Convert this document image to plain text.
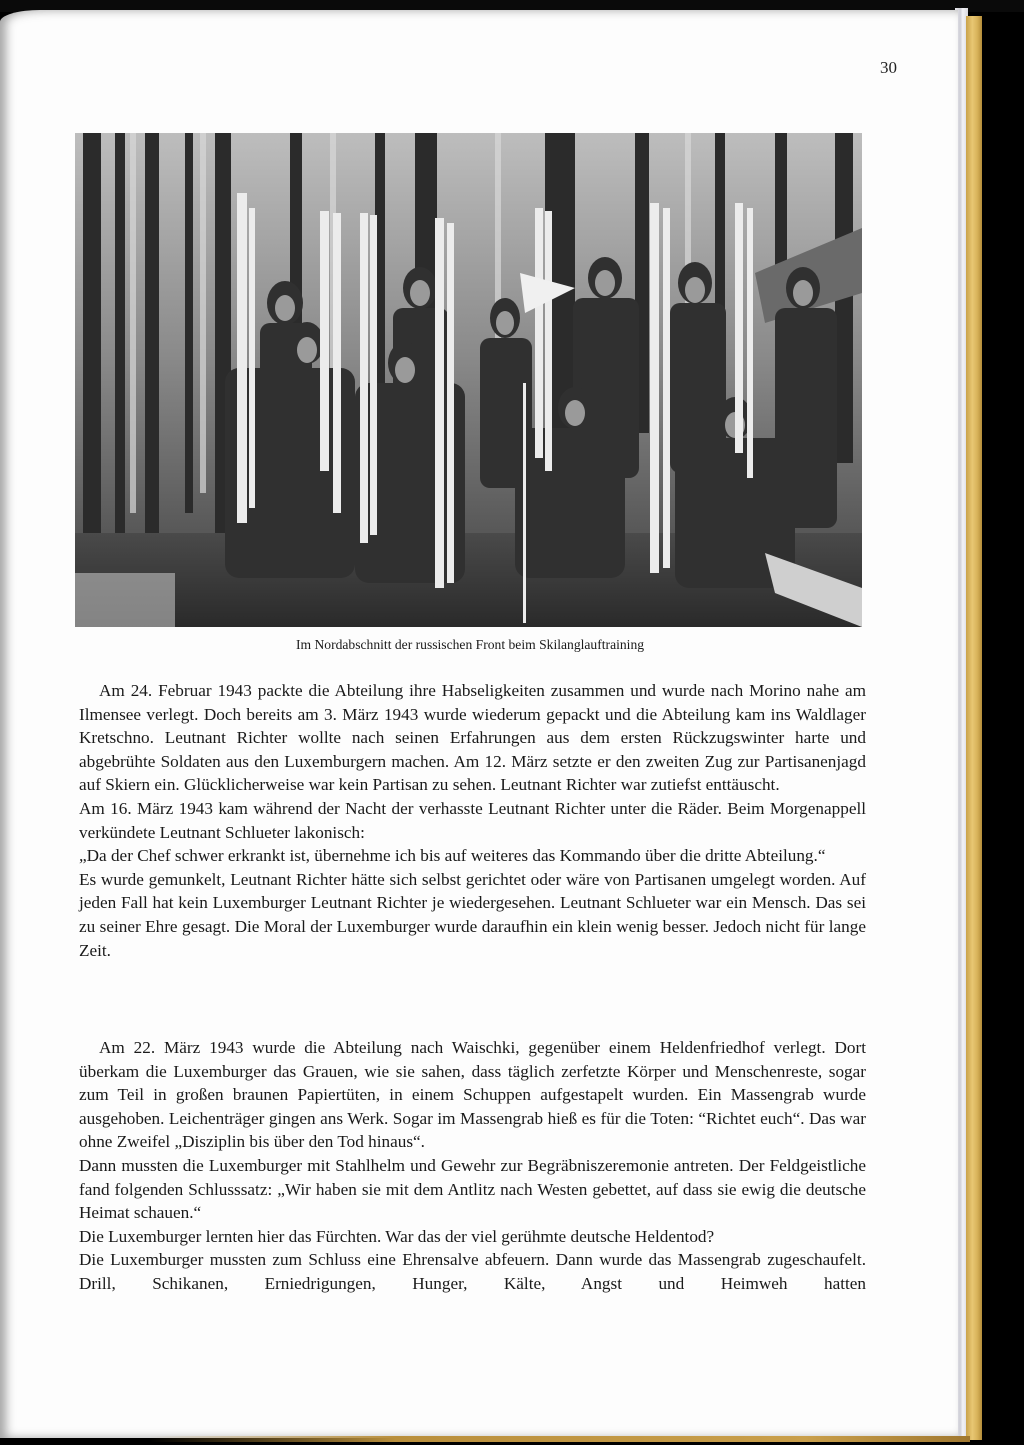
30
Im Nordabschnitt der russischen Front beim Skilanglauftraining

Am 24. Februar 1943 packte die Abteilung ihre Habseligkeiten zusammen und wurde nach Morino nahe am Ilmensee verlegt. Doch bereits am 3. März 1943 wurde wiederum gepackt und die Abteilung kam ins Waldlager Kretschno. Leutnant Richter wollte nach seinen Erfahrungen aus dem ersten Rückzugswinter harte und abgebrühte Soldaten aus den Luxemburgern machen. Am 12. März setzte er den zweiten Zug zur Partisanenjagd auf Skiern ein. Glücklicherweise war kein Partisan zu sehen. Leutnant Richter war zutiefst enttäuscht.

Am 16. März 1943 kam während der Nacht der verhasste Leutnant Richter unter die Räder. Beim Morgenappell verkündete Leutnant Schlueter lakonisch:

„Da der Chef schwer erkrankt ist, übernehme ich bis auf weiteres das Kommando über die dritte Abteilung.“

Es wurde gemunkelt, Leutnant Richter hätte sich selbst gerichtet oder wäre von Partisanen umgelegt worden. Auf jeden Fall hat kein Luxemburger Leutnant Richter je wiedergesehen. Leutnant Schlueter war ein Mensch. Das sei zu seiner Ehre gesagt. Die Moral der Luxemburger wurde daraufhin ein klein wenig besser. Jedoch nicht für lange Zeit.

Am 22. März 1943 wurde die Abteilung nach Waischki, gegenüber einem Heldenfriedhof verlegt. Dort überkam die Luxemburger das Grauen, wie sie sahen, dass täglich zerfetzte Körper und Menschenreste, sogar zum Teil in großen braunen Papiertüten, in einem Schuppen aufgestapelt wurden. Ein Massengrab wurde ausgehoben. Leichenträger gingen ans Werk. Sogar im Massengrab hieß es für die Toten: “Richtet euch“. Das war ohne Zweifel „Disziplin bis über den Tod hinaus“.

Dann mussten die Luxemburger mit Stahlhelm und Gewehr zur Begräbniszeremonie antreten. Der Feldgeistliche fand folgenden Schlusssatz: „Wir haben sie mit dem Antlitz nach Westen gebettet, auf dass sie ewig die deutsche Heimat schauen.“

Die Luxemburger lernten hier das Fürchten. War das der viel gerühmte deutsche Heldentod?

Die Luxemburger mussten zum Schluss eine Ehrensalve abfeuern. Dann wurde das Massengrab zugeschaufelt. Drill, Schikanen, Erniedrigungen, Hunger, Kälte, Angst und Heimweh hatten
